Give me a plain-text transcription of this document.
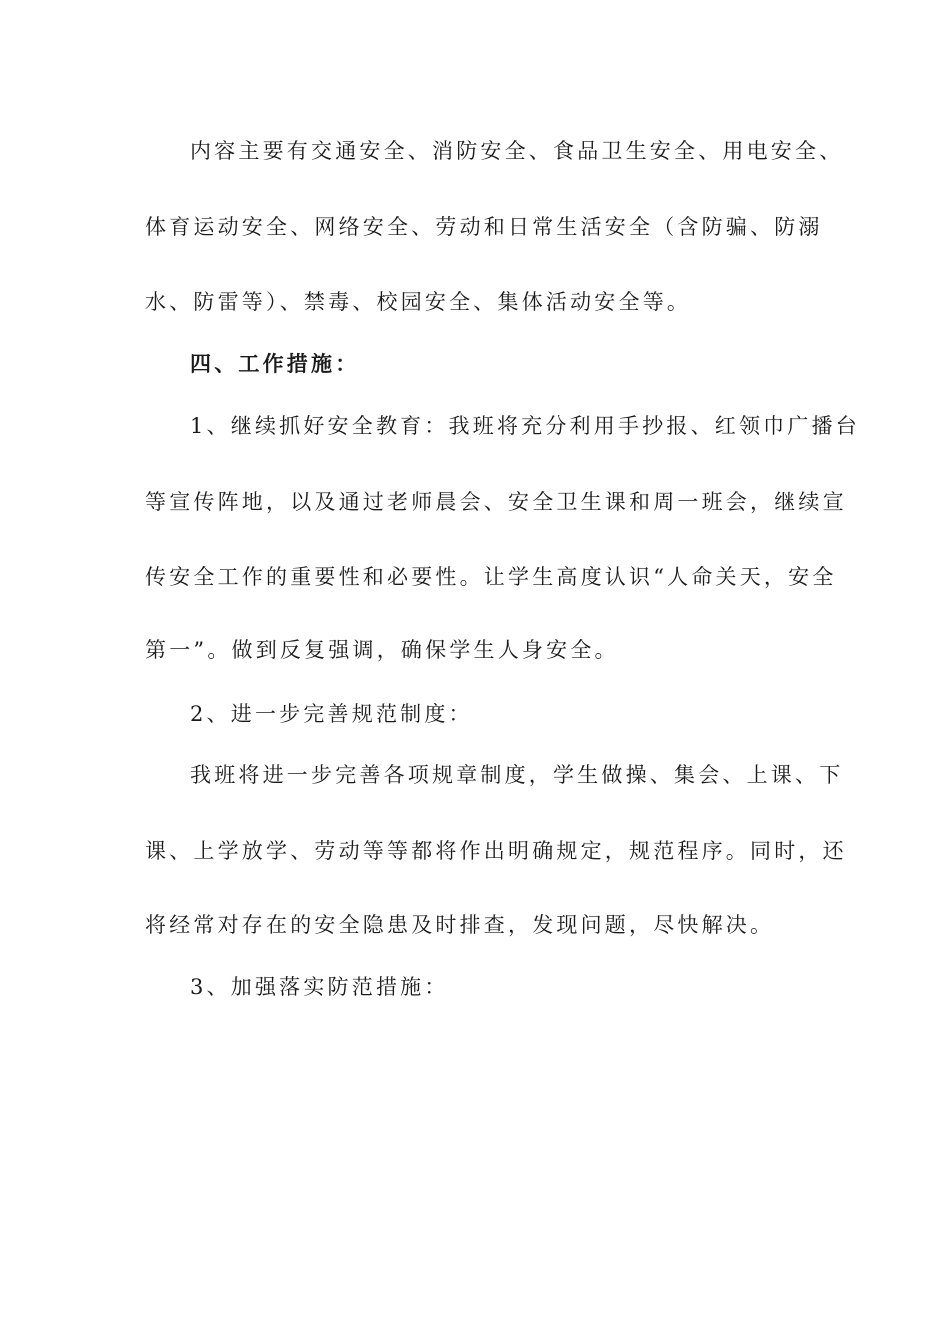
内容主要有交通安全、消防安全、食品卫生安全、用电安全、
体育运动安全、网络安全、劳动和日常生活安全（含防骗、防溺
水、防雷等）、禁毒、校园安全、集体活动安全等。
四、工作措施：
1、继续抓好安全教育：我班将充分利用手抄报、红领巾广播台
等宣传阵地，以及通过老师晨会、安全卫生课和周一班会，继续宣
传安全工作的重要性和必要性。让学生高度认识“人命关天，安全
第一”。做到反复强调，确保学生人身安全。
2、进一步完善规范制度：
我班将进一步完善各项规章制度，学生做操、集会、上课、下
课、上学放学、劳动等等都将作出明确规定，规范程序。同时，还
将经常对存在的安全隐患及时排查，发现问题，尽快解决。
3、加强落实防范措施：
